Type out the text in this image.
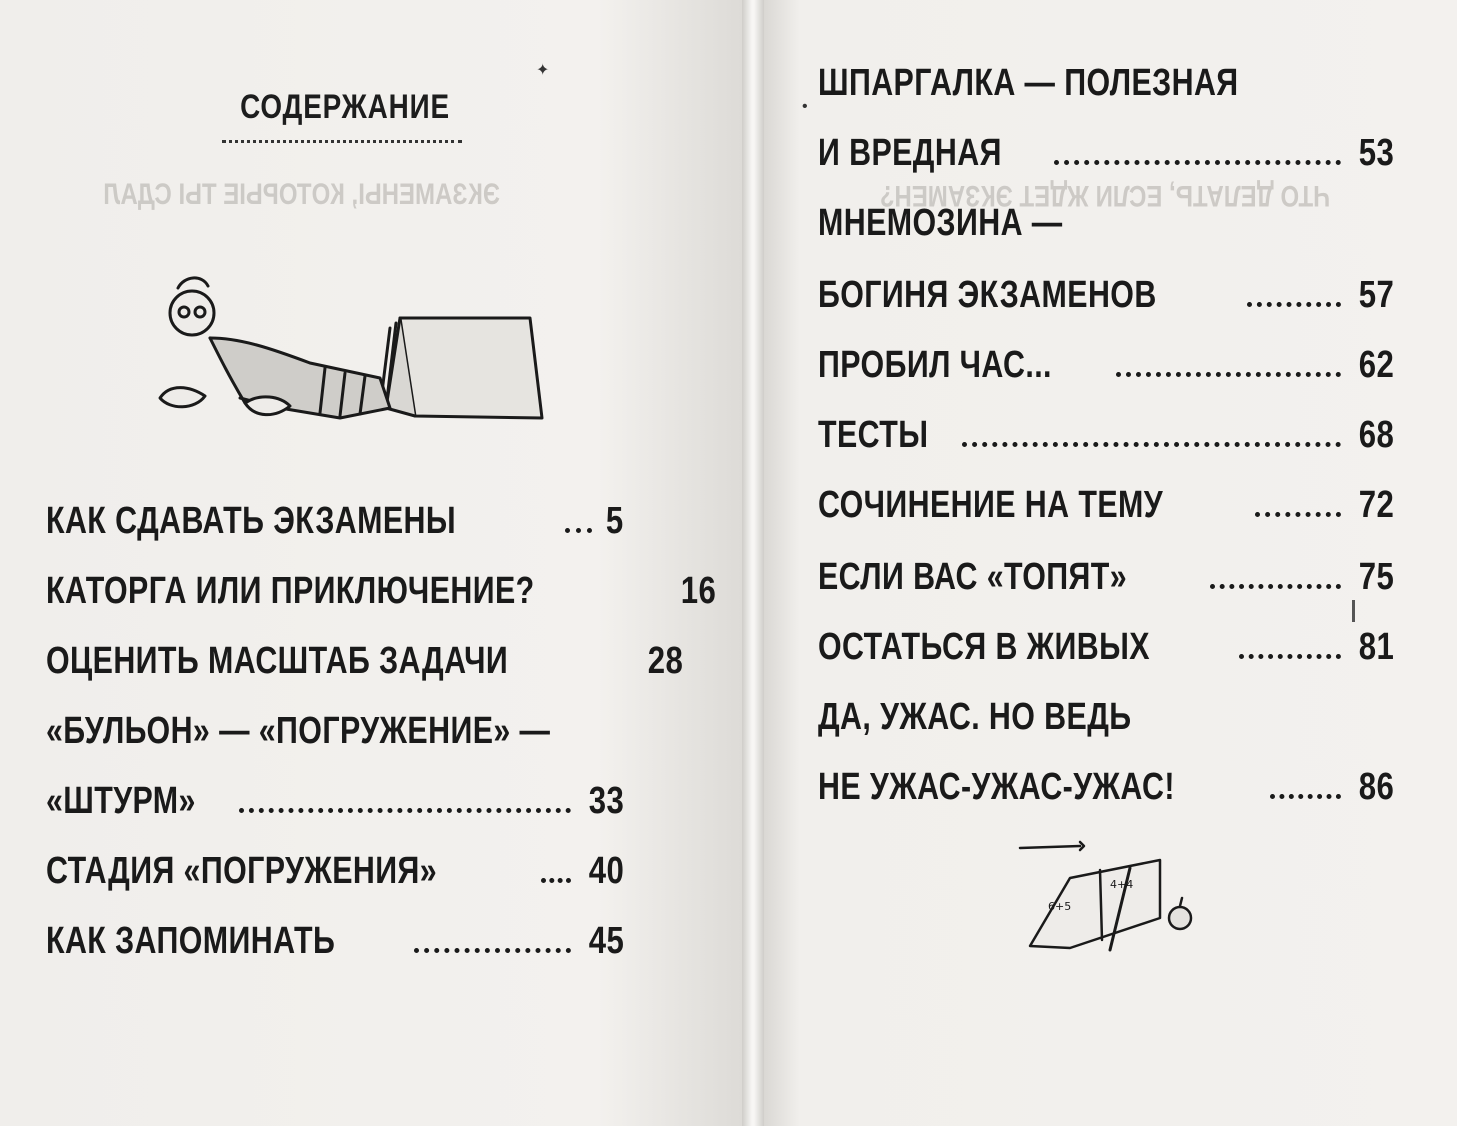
ЭКЗАМЕНЫ, КОТОРЫЕ ТЫ СДАЛ	ЧТО ДЕЛАТЬ, ЕСЛИ ЖДЕТ ЭКЗАМЕН?
СОДЕРЖАНИЕ
КАК СДАВАТЬ ЭКЗАМЕНЫ	5
КАТОРГА ИЛИ ПРИКЛЮЧЕНИЕ?	16
ОЦЕНИТЬ МАСШТАБ ЗАДАЧИ	28
«БУЛЬОН» — «ПОГРУЖЕНИЕ» —
«ШТУРМ»	33
СТАДИЯ «ПОГРУЖЕНИЯ»	40
КАК ЗАПОМИНАТЬ	45
ШПАРГАЛКА — ПОЛЕЗНАЯ
И ВРЕДНАЯ	53
МНЕМОЗИНА —
БОГИНЯ ЭКЗАМЕНОВ	57
ПРОБИЛ ЧАС...	62
ТЕСТЫ	68
СОЧИНЕНИЕ НА ТЕМУ	72
ЕСЛИ ВАС «ТОПЯТ»	75
ОСТАТЬСЯ В ЖИВЫХ	81
ДА, УЖАС. НО ВЕДЬ
НЕ УЖАС-УЖАС-УЖАС!	86
✦
•
6+5
4+4
